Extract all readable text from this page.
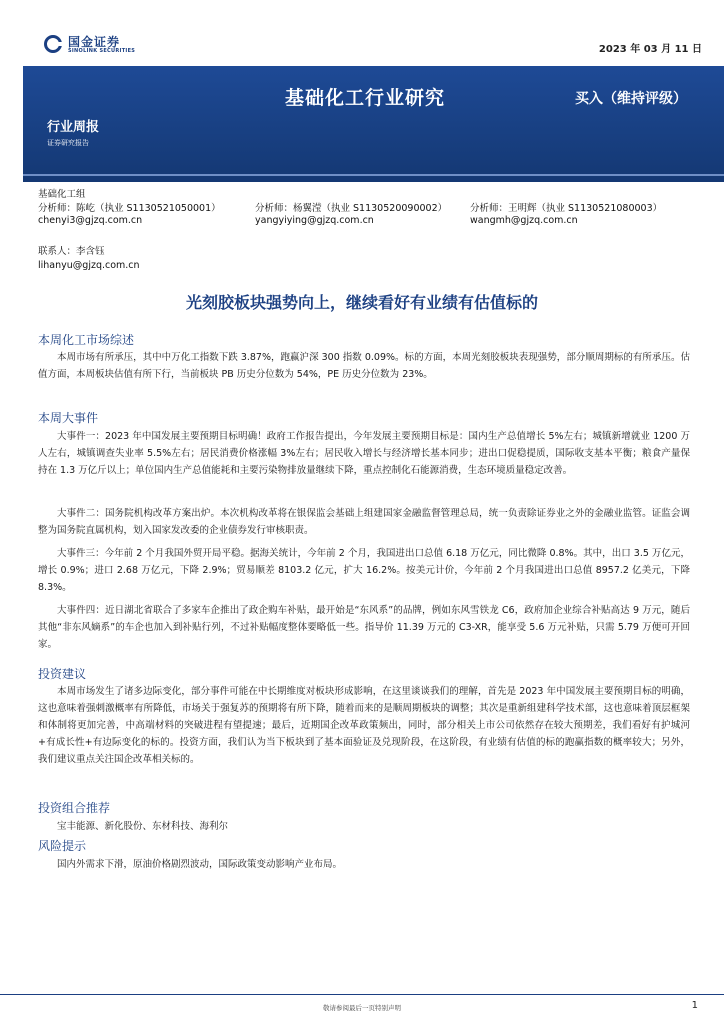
国金证券
SINOLINK SECURITIES	2023 年 03 月 11 日
基础化工行业研究	买入（维持评级）
行业周报
证券研究报告
基础化工组
分析师：陈屹（执业 S1130521050001）	分析师：杨翼滢（执业 S1130520090002） 分析师：王明辉（执业 S1130521080003）
chenyi3@gjzq.com.cn	yangyiying@gjzq.com.cn	wangmh@gjzq.com.cn
联系人：李含钰
lihanyu@gjzq.com.cn
光刻胶板块强势向上，继续看好有业绩有估值标的
本周化工市场综述

本周市场有所承压，其中中万化工指数下跌 3.87%，跑赢沪深 300 指数 0.09%。标的方面，本周光刻胶板块表现强势，部分顺周期标的有所承压。估值方面，本周板块估值有所下行，当前板块 PB 历史分位数为 54%，PE 历史分位数为 23%。

本周大事件

大事件一：2023 年中国发展主要预期目标明确！政府工作报告提出，今年发展主要预期目标是：国内生产总值增长 5%左右；城镇新增就业 1200 万人左右，城镇调查失业率 5.5%左右；居民消费价格涨幅 3%左右；居民收入增长与经济增长基本同步；进出口促稳提质，国际收支基本平衡；粮食产量保持在 1.3 万亿斤以上；单位国内生产总值能耗和主要污染物排放量继续下降，重点控制化石能源消费，生态环境质量稳定改善。

大事件二：国务院机构改革方案出炉。本次机构改革将在银保监会基础上组建国家金融监督管理总局，统一负责除证券业之外的金融业监管。证监会调整为国务院直属机构，划入国家发改委的企业债券发行审核职责。

大事件三：今年前 2 个月我国外贸开局平稳。据海关统计，今年前 2 个月，我国进出口总值 6.18 万亿元，同比微降 0.8%。其中，出口 3.5 万亿元，增长 0.9%；进口 2.68 万亿元，下降 2.9%；贸易顺差 8103.2 亿元，扩大 16.2%。按美元计价，今年前 2 个月我国进出口总值 8957.2 亿美元，下降 8.3%。

大事件四：近日湖北省联合了多家车企推出了政企购车补贴，最开始是“东风系”的品牌，例如东风雪铁龙 C6，政府加企业综合补贴高达 9 万元，随后其他“非东风嫡系”的车企也加入到补贴行列，不过补贴幅度整体要略低一些。指导价 11.39 万元的 C3-XR，能享受 5.6 万元补贴，只需 5.79 万便可开回家。

投资建议

本周市场发生了诸多边际变化，部分事件可能在中长期维度对板块形成影响，在这里谈谈我们的理解，首先是 2023 年中国发展主要预期目标的明确，这也意味着强刺激概率有所降低，市场关于强复苏的预期将有所下降，随着而来的是顺周期板块的调整；其次是重新组建科学技术部，这也意味着顶层框架和体制将更加完善，中高端材料的突破进程有望提速；最后，近期国企改革政策频出，同时，部分相关上市公司依然存在较大预期差，我们看好有护城河+有成长性+有边际变化的标的。投资方面，我们认为当下板块到了基本面验证及兑现阶段，在这阶段，有业绩有估值的标的跑赢指数的概率较大；另外，我们建议重点关注国企改革相关标的。

投资组合推荐

宝丰能源、新化股份、东材科技、海利尔

风险提示

国内外需求下滑，原油价格剧烈波动，国际政策变动影响产业布局。

敬请参阅最后一页特别声明	1
